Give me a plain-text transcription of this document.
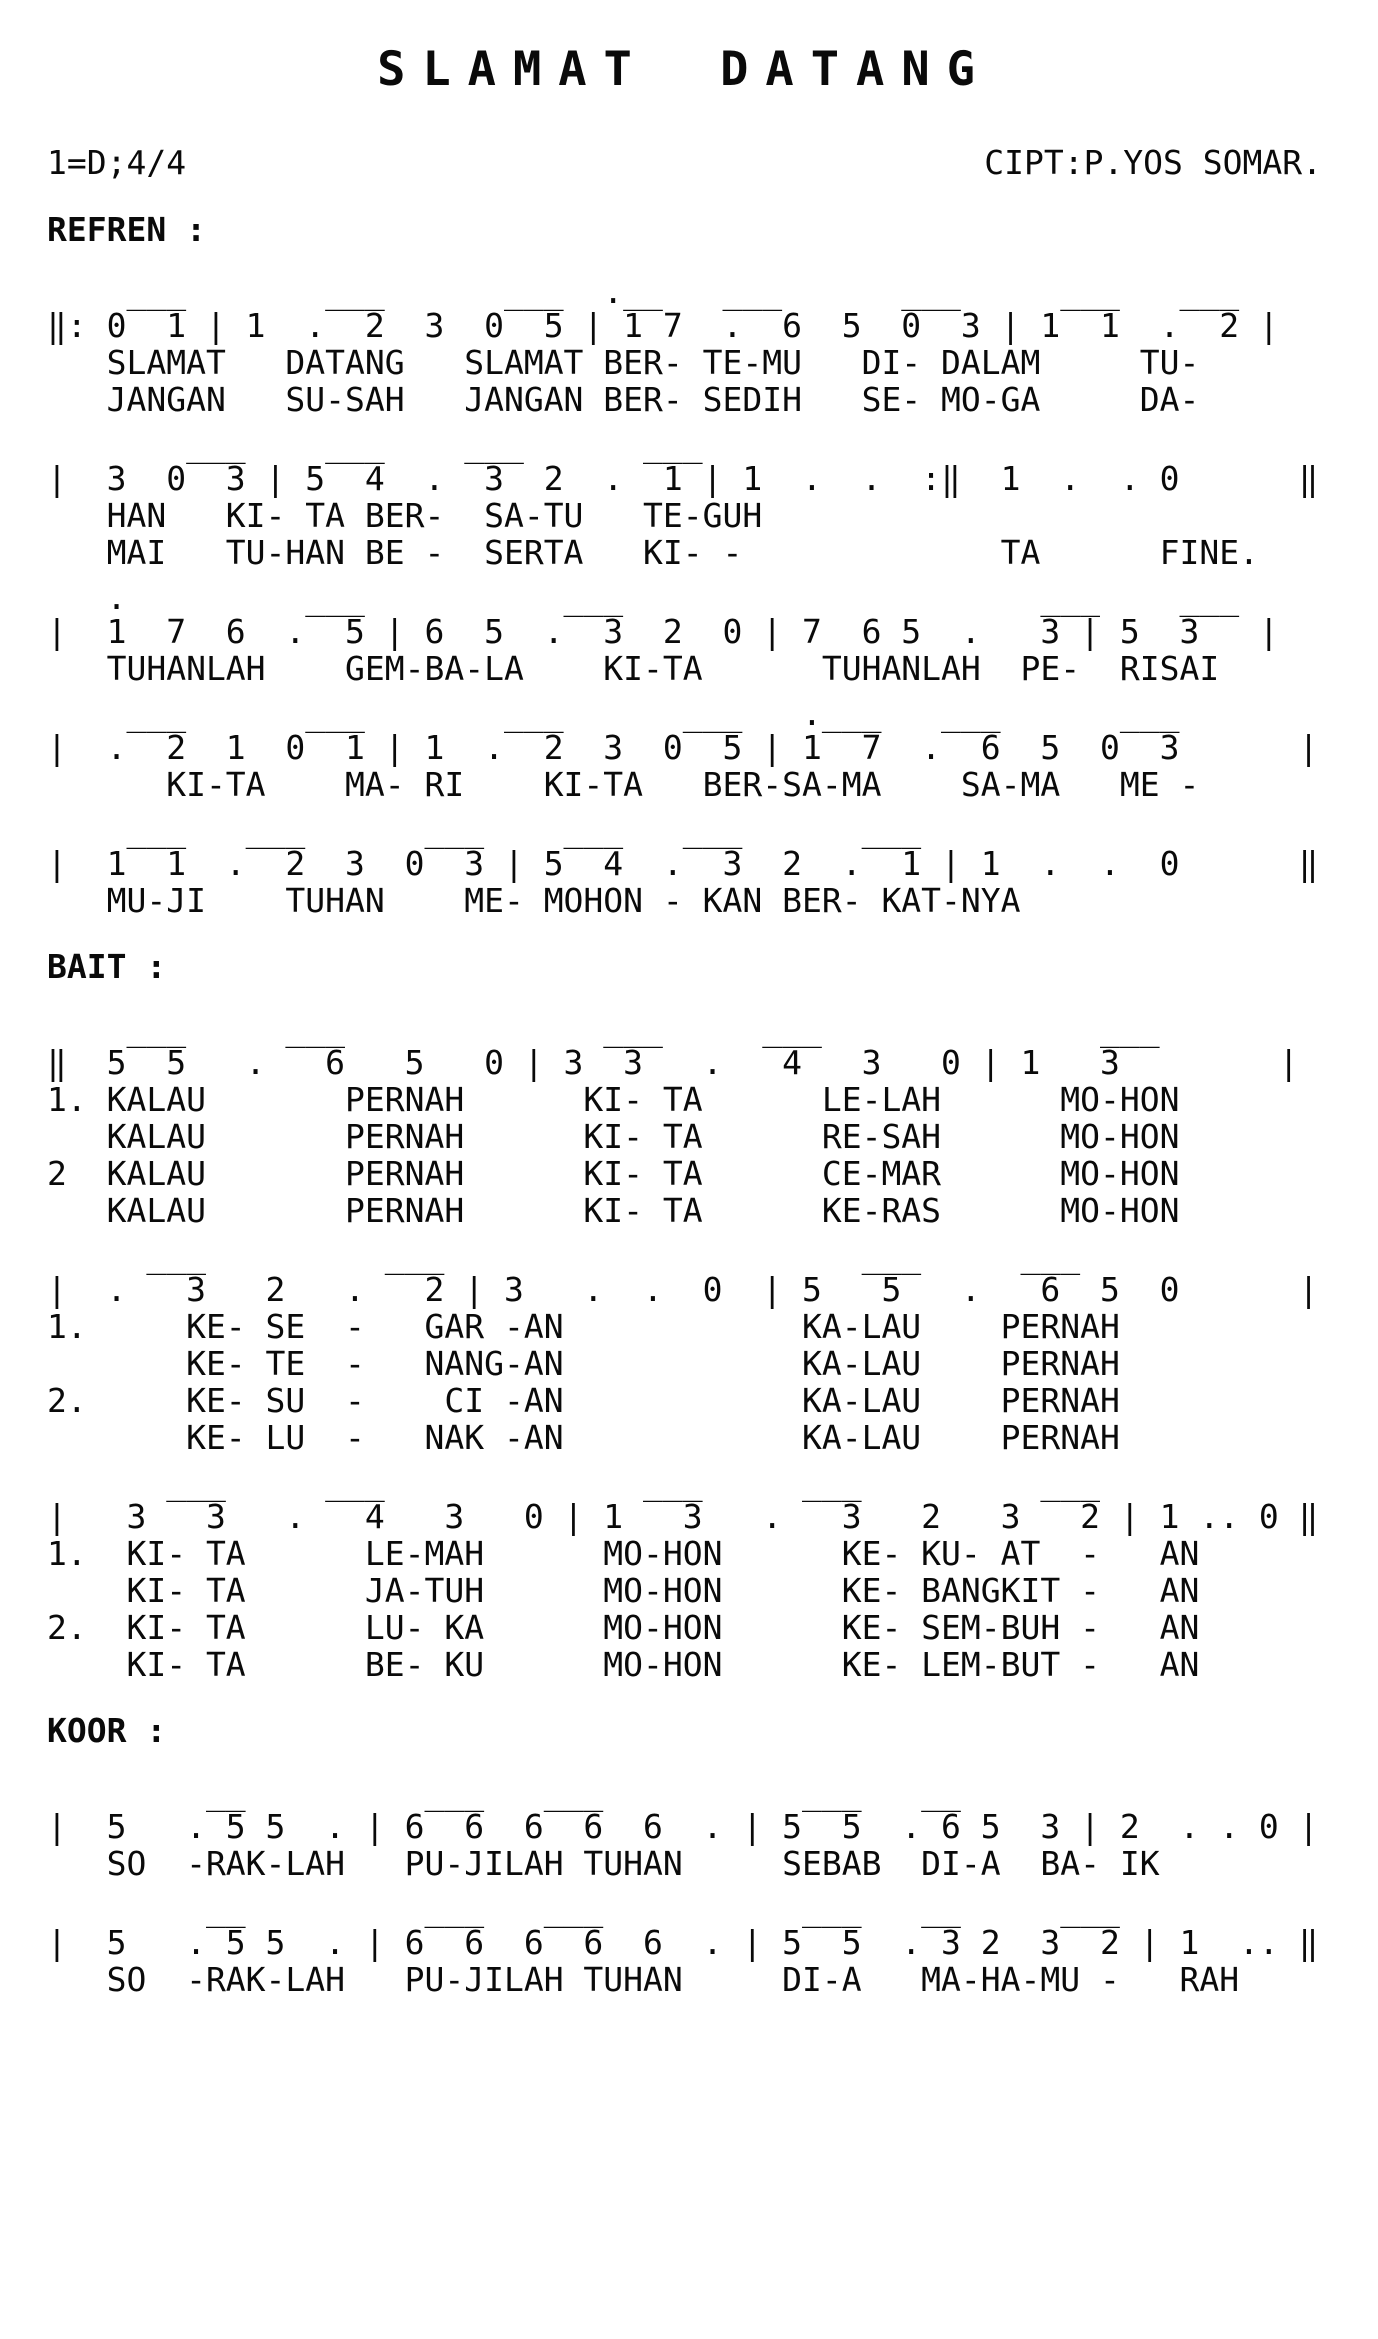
SLAMAT DATANG
1=D;4/4	CIPT:P.YOS SOMAR.
REFREN :
___       ___      ___  .__   ___      ___     ___   ___
‖: 0  1 | 1  .  2  3  0  5 | 1 7  .  6  5  0  3 | 1  1  .  2 |
SLAMAT   DATANG   SLAMAT BER- TE-MU   DI- DALAM     TU-
JANGAN   SU-SAH   JANGAN BER- SEDIH   SE- MO-GA     DA-
___    ___    ___      ___
|  3  0  3 | 5  4  .  3  2  .  1 | 1  .  .  :‖  1  .  . 0      ‖
HAN   KI- TA BER-  SA-TU   TE-GUH
MAI   TU-HAN BE -  SERTA   KI- -             TA      FINE.
.         ___          ___                     ___    ___
|  1  7  6  .  5 | 6  5  .  3  2  0 | 7  6 5  .   3 | 5  3   |
TUHANLAH    GEM-BA-LA    KI-TA      TUHANLAH  PE-  RISAI
___      ___       ___      ___   .___   ___      ___
|  .  2  1  0  1 | 1  .  2  3  0  5 | 1  7  .  6  5  0  3      |
KI-TA    MA- RI    KI-TA   BER-SA-MA    SA-MA   ME -
___   ___      ___    ___   ___      ___
|  1  1  .  2  3  0  3 | 5  4  .  3  2  .  1 | 1  .  .  0      ‖
MU-JI    TUHAN    ME- MOHON - KAN BER- KAT-NYA
BAIT :
___     ___             ___     ___              ___
‖  5  5   .   6   5   0 | 3  3   .   4   3   0 | 1   3        |
1. KALAU       PERNAH      KI- TA      LE-LAH      MO-HON
KALAU       PERNAH      KI- TA      RE-SAH      MO-HON
2  KALAU       PERNAH      KI- TA      CE-MAR      MO-HON
KALAU       PERNAH      KI- TA      KE-RAS      MO-HON
___         ___                     ___     ___
|  .   3   2   .   2 | 3   .  .  0  | 5   5   .   6  5  0      |
1.     KE- SE  -   GAR -AN            KA-LAU    PERNAH
KE- TE  -   NANG-AN            KA-LAU    PERNAH
2.     KE- SU  -    CI -AN            KA-LAU    PERNAH
KE- LU  -   NAK -AN            KA-LAU    PERNAH
___     ___             ___     ___         ___
|   3   3   .   4   3   0 | 1   3   .   3   2   3   2 | 1 .. 0 ‖
1.  KI- TA      LE-MAH      MO-HON      KE- KU- AT  -   AN
KI- TA      JA-TUH      MO-HON      KE- BANGKIT -   AN
2.  KI- TA      LU- KA      MO-HON      KE- SEM-BUH -   AN
KI- TA      BE- KU      MO-HON      KE- LEM-BUT -   AN
KOOR :
__         ___   ___          ___   __
|  5   . 5 5  . | 6  6  6  6  6  . | 5  5  . 6 5  3 | 2  . . 0 |
SO  -RAK-LAH   PU-JILAH TUHAN     SEBAB  DI-A  BA- IK
__         ___   ___          ___   __     ___
|  5   . 5 5  . | 6  6  6  6  6  . | 5  5  . 3 2  3  2 | 1  .. ‖
SO  -RAK-LAH   PU-JILAH TUHAN     DI-A   MA-HA-MU -   RAH
